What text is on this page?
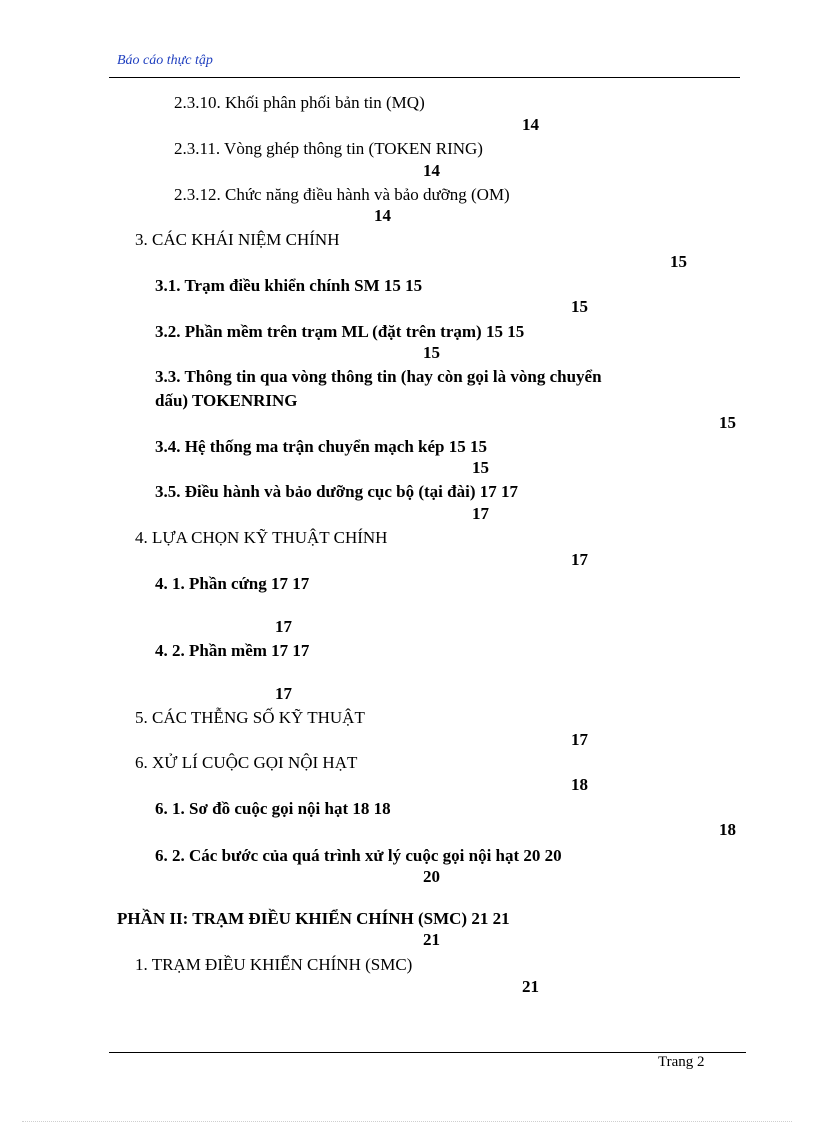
Báo cáo thực tập
2.3.10. Khối phân phối bản tin (MQ)
14
2.3.11. Vòng ghép thông tin (TOKEN RING)
14
2.3.12. Chức năng điều hành và bảo dưỡng (OM)
14
3. CÁC KHÁI NIỆM CHÍNH
15
3.1. Trạm điều khiển chính SM 15 15
15
3.2. Phần mềm trên trạm ML (đặt trên trạm) 15 15
15
3.3. Thông tin qua vòng thông tin (hay còn gọi là vòng chuyển
dấu) TOKENRING
15
3.4. Hệ thống ma trận chuyển mạch kép 15 15
15
3.5. Điều hành và bảo dưỡng cục bộ (tại đài) 17 17
17
4. LỰA CHỌN KỸ THUẬT CHÍNH
17
4. 1. Phần cứng 17 17
17
4. 2. Phần mềm 17 17
17
5. CÁC THỄNG SỐ KỸ THUẬT
17
6. XỬ LÍ CUỘC GỌI NỘI HẠT
18
6. 1. Sơ đồ cuộc gọi nội hạt 18 18
18
6. 2. Các bước của quá trình xử lý cuộc gọi nội hạt 20 20
20
PHẦN II: TRẠM ĐIỀU KHIỂN CHÍNH (SMC) 21 21
21
1. TRẠM ĐIỀU KHIỂN CHÍNH (SMC)
21
Trang 2
